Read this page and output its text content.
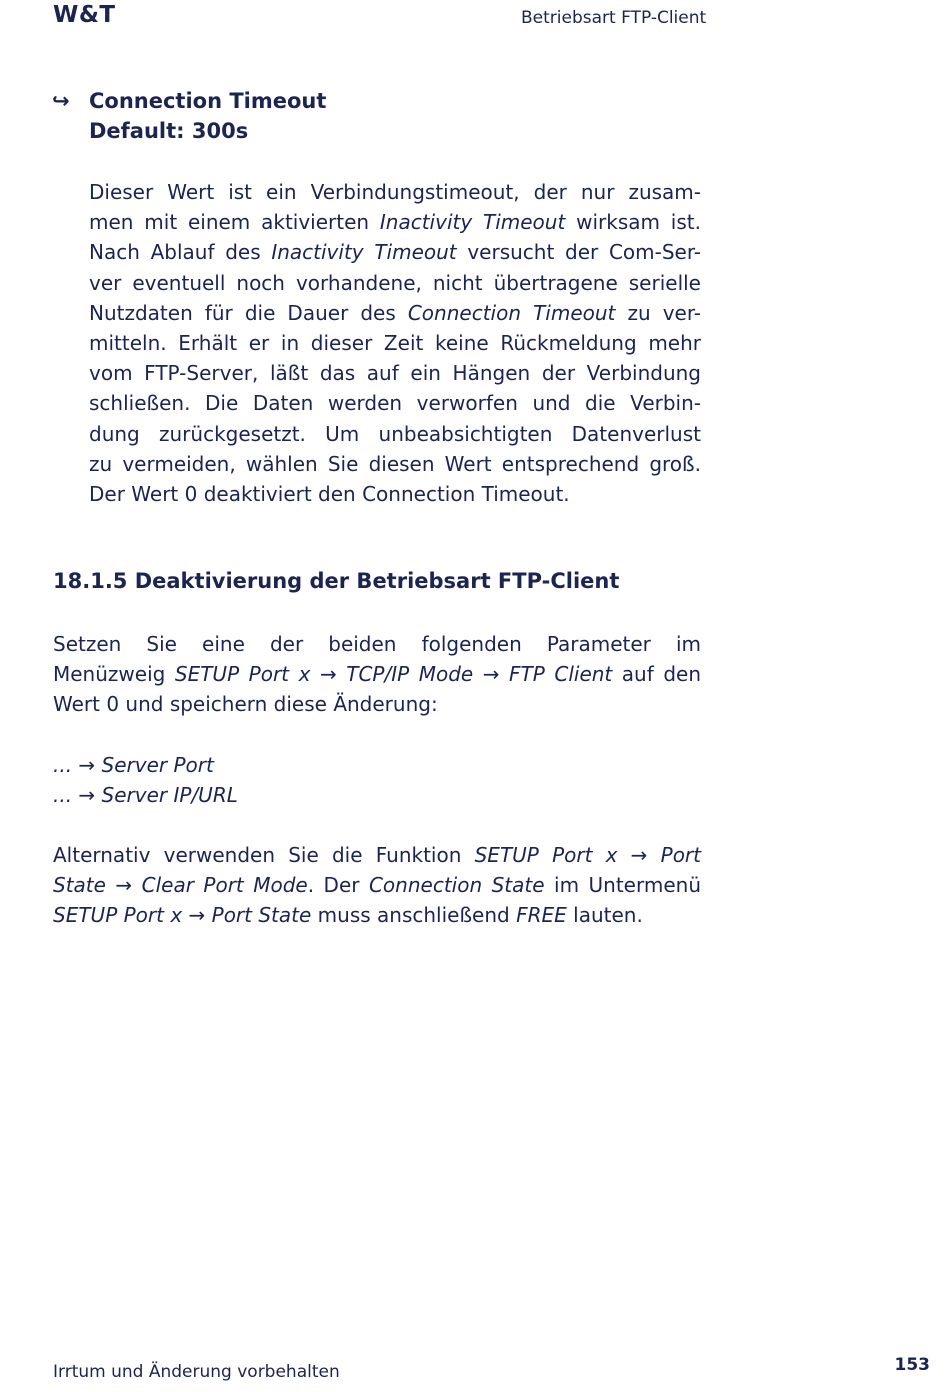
W&T	Betriebsart FTP-Client
↪ Connection Timeout
Default: 300s
Dieser Wert ist ein Verbindungstimeout, der nur zusam-
men mit einem aktivierten Inactivity Timeout wirksam ist.
Nach Ablauf des Inactivity Timeout versucht der Com-Ser-
ver eventuell noch vorhandene, nicht übertragene serielle
Nutzdaten für die Dauer des Connection Timeout zu ver-
mitteln. Erhält er in dieser Zeit keine Rückmeldung mehr
vom FTP-Server, läßt das auf ein Hängen der Verbindung
schließen. Die Daten werden verworfen und die Verbin-
dung zurückgesetzt. Um unbeabsichtigten Datenverlust
zu vermeiden, wählen Sie diesen Wert entsprechend groß.
Der Wert 0 deaktiviert den Connection Timeout.
18.1.5 Deaktivierung der Betriebsart FTP-Client
Setzen Sie eine der beiden folgenden Parameter im
Menüzweig SETUP Port x → TCP/IP Mode → FTP Client auf den
Wert 0 und speichern diese Änderung:
... → Server Port
... → Server IP/URL
Alternativ verwenden Sie die Funktion SETUP Port x → Port
State → Clear Port Mode. Der Connection State im Untermenü
SETUP Port x → Port State muss anschließend FREE lauten.
Irrtum und Änderung vorbehalten	153
